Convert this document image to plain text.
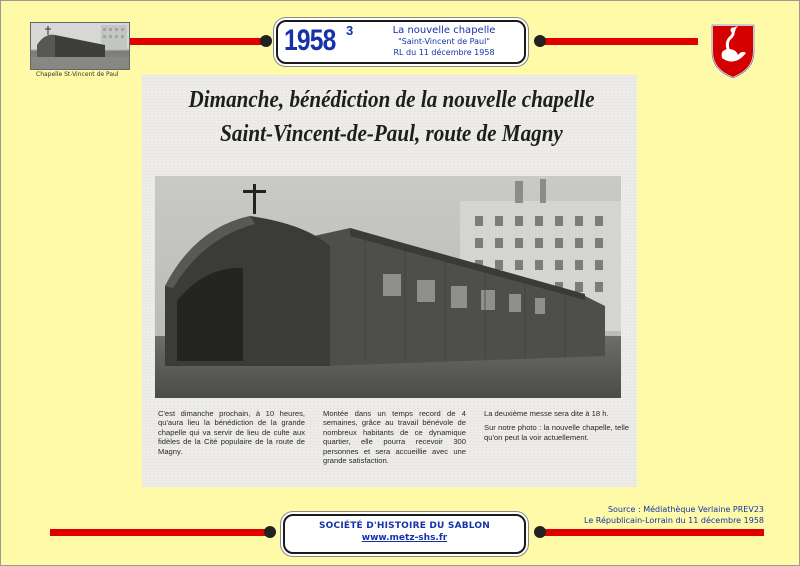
Chapelle St-Vincent de Paul
1958 3	La nouvelle chapelle
"Saint-Vincent de Paul"
RL du 11 décembre 1958
Dimanche, bénédiction de la nouvelle chapelle
Saint-Vincent-de-Paul, route de Magny
C'est dimanche prochain, à 10 heures, qu'aura lieu la bénédiction de la grande chapelle qui va servir de lieu de culte aux fidèles de la Cité populaire de la route de Magny.
Montée dans un temps record de 4 semaines, grâce au travail bénévole de nombreux habitants de ce dynamique quartier, elle pourra recevoir 300 personnes et sera accueillie avec une grande satisfaction.
La deuxième messe sera dite à 18 h.
Sur notre photo : la nouvelle chapelle, telle qu'on peut la voir actuellement.
Source : Médiathèque Verlaine PREV23
Le Républicain-Lorrain du 11 décembre 1958
SOCIÉTÉ D'HISTOIRE DU SABLON
www.metz-shs.fr
